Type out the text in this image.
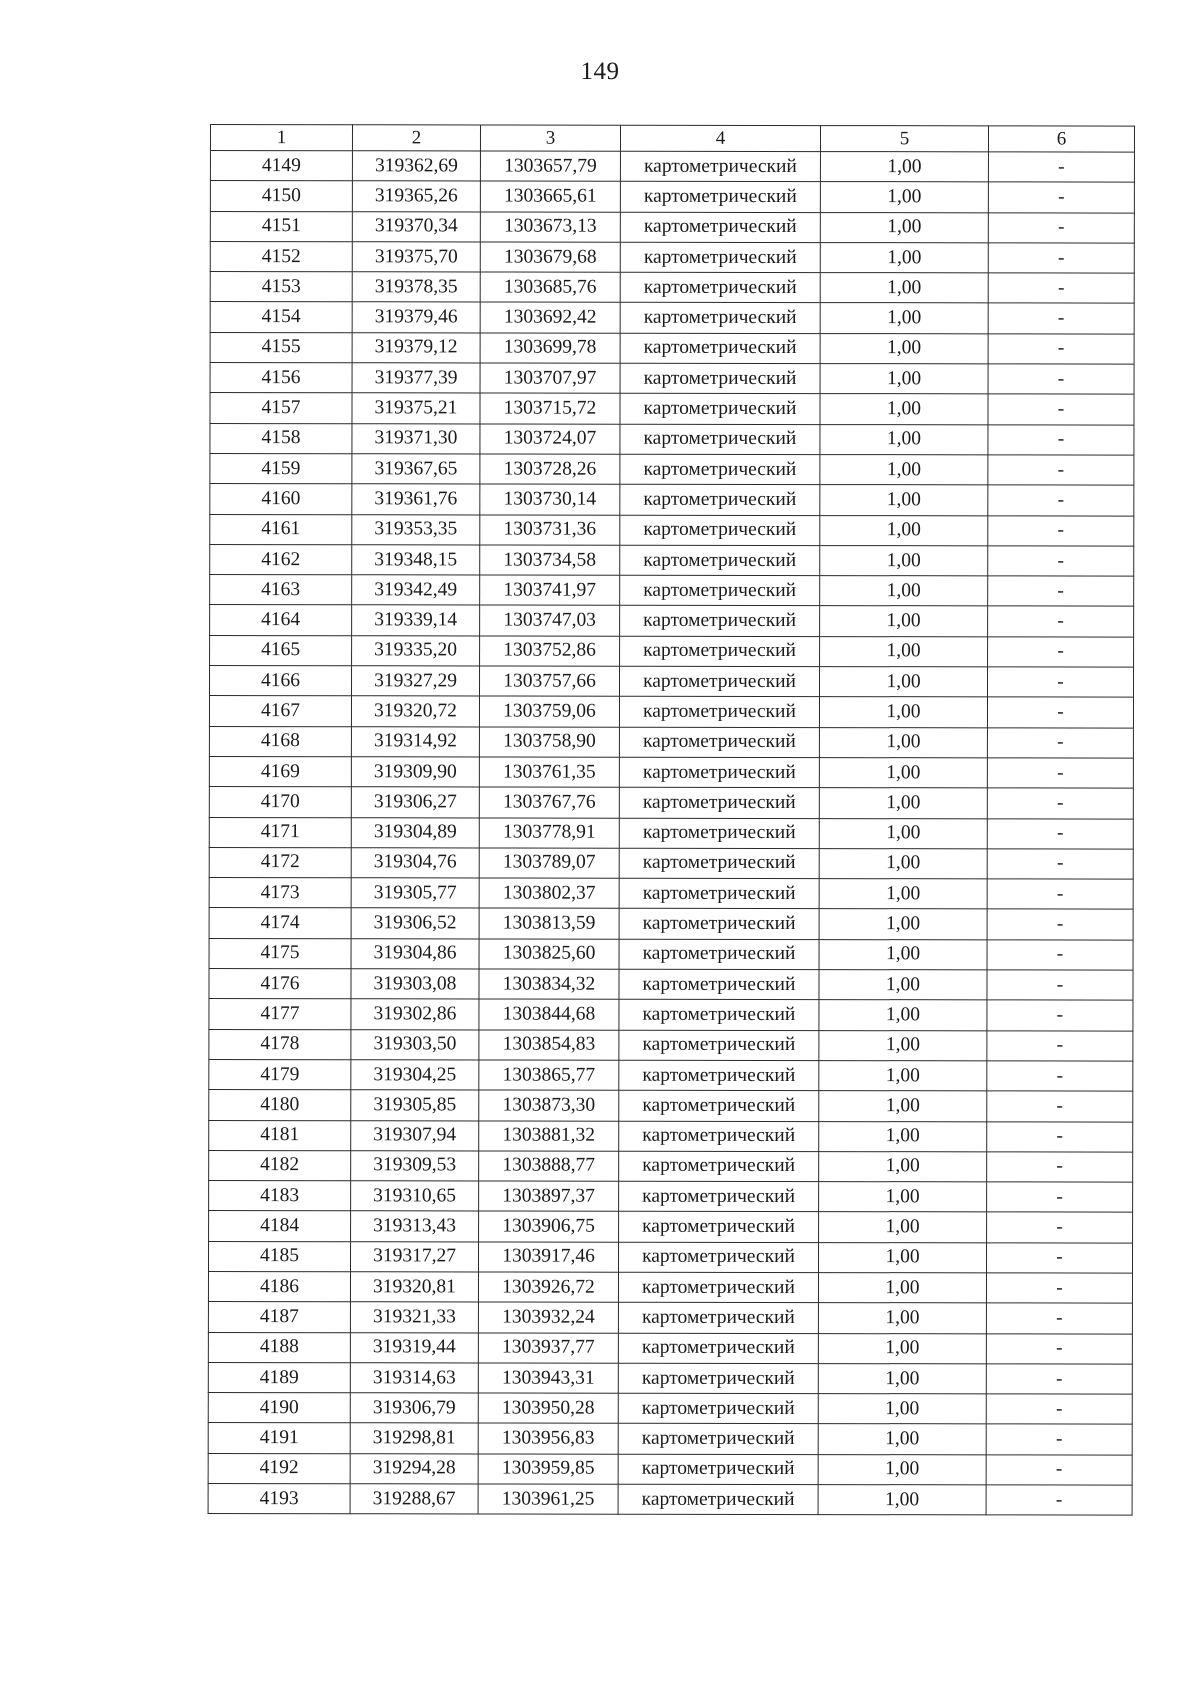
149
1	2	3	4	5	6
4149	319362,69	1303657,79	картометрический	1,00	-
4150	319365,26	1303665,61	картометрический	1,00	-
4151	319370,34	1303673,13	картометрический	1,00	-
4152	319375,70	1303679,68	картометрический	1,00	-
4153	319378,35	1303685,76	картометрический	1,00	-
4154	319379,46	1303692,42	картометрический	1,00	-
4155	319379,12	1303699,78	картометрический	1,00	-
4156	319377,39	1303707,97	картометрический	1,00	-
4157	319375,21	1303715,72	картометрический	1,00	-
4158	319371,30	1303724,07	картометрический	1,00	-
4159	319367,65	1303728,26	картометрический	1,00	-
4160	319361,76	1303730,14	картометрический	1,00	-
4161	319353,35	1303731,36	картометрический	1,00	-
4162	319348,15	1303734,58	картометрический	1,00	-
4163	319342,49	1303741,97	картометрический	1,00	-
4164	319339,14	1303747,03	картометрический	1,00	-
4165	319335,20	1303752,86	картометрический	1,00	-
4166	319327,29	1303757,66	картометрический	1,00	-
4167	319320,72	1303759,06	картометрический	1,00	-
4168	319314,92	1303758,90	картометрический	1,00	-
4169	319309,90	1303761,35	картометрический	1,00	-
4170	319306,27	1303767,76	картометрический	1,00	-
4171	319304,89	1303778,91	картометрический	1,00	-
4172	319304,76	1303789,07	картометрический	1,00	-
4173	319305,77	1303802,37	картометрический	1,00	-
4174	319306,52	1303813,59	картометрический	1,00	-
4175	319304,86	1303825,60	картометрический	1,00	-
4176	319303,08	1303834,32	картометрический	1,00	-
4177	319302,86	1303844,68	картометрический	1,00	-
4178	319303,50	1303854,83	картометрический	1,00	-
4179	319304,25	1303865,77	картометрический	1,00	-
4180	319305,85	1303873,30	картометрический	1,00	-
4181	319307,94	1303881,32	картометрический	1,00	-
4182	319309,53	1303888,77	картометрический	1,00	-
4183	319310,65	1303897,37	картометрический	1,00	-
4184	319313,43	1303906,75	картометрический	1,00	-
4185	319317,27	1303917,46	картометрический	1,00	-
4186	319320,81	1303926,72	картометрический	1,00	-
4187	319321,33	1303932,24	картометрический	1,00	-
4188	319319,44	1303937,77	картометрический	1,00	-
4189	319314,63	1303943,31	картометрический	1,00	-
4190	319306,79	1303950,28	картометрический	1,00	-
4191	319298,81	1303956,83	картометрический	1,00	-
4192	319294,28	1303959,85	картометрический	1,00	-
4193	319288,67	1303961,25	картометрический	1,00	-
